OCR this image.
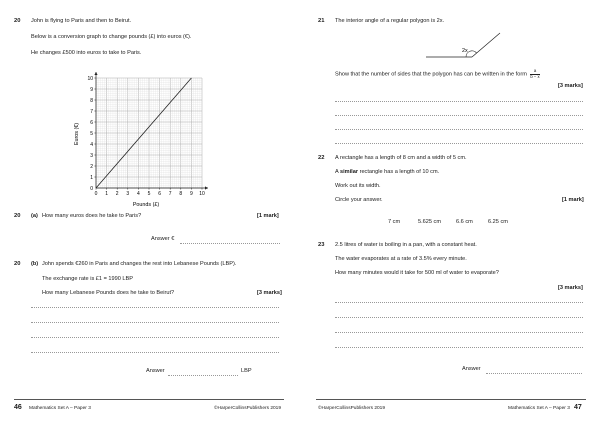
20 John is flying to Paris and then to Beirut.
Below is a conversion graph to change pounds (£) into euros (€).
He changes £500 into euros to take to Paris.
0 1 2 3 4 5 6 7 8 9 10
1
2
3
4
5
6
7
8
9
10
0
Pounds (£)
Euros (€)
20 (a) How many euros does he take to Paris?	[1 mark]
Answer €
20 (b) John spends €260 in Paris and changes the rest into Lebanese Pounds (LBP).
The exchange rate is £1 = 1990 LBP
How many Lebanese Pounds does he take to Beirut?	[3 marks]
Answer	LBP
46 Mathematics Set A – Paper 3	©HarperCollinsPublishers 2019
21 The interior angle of a regular polygon is 2x.
2x
Show that the number of sides that the polygon has can be written in the form $\frac{a}{b - x}$
[3 marks]
22 A rectangle has a length of 8 cm and a width of 5 cm.
A similar rectangle has a length of 10 cm.
Work out its width.
Circle your answer.	[1 mark]
7 cm	5.625 cm	6.6 cm	6.25 cm
23 2.5 litres of water is boiling in a pan, with a constant heat.
The water evaporates at a rate of 3.5% every minute.
How many minutes would it take for 500 ml of water to evaporate?
[3 marks]
Answer
©HarperCollinsPublishers 2019	Mathematics Set A – Paper 3 47
